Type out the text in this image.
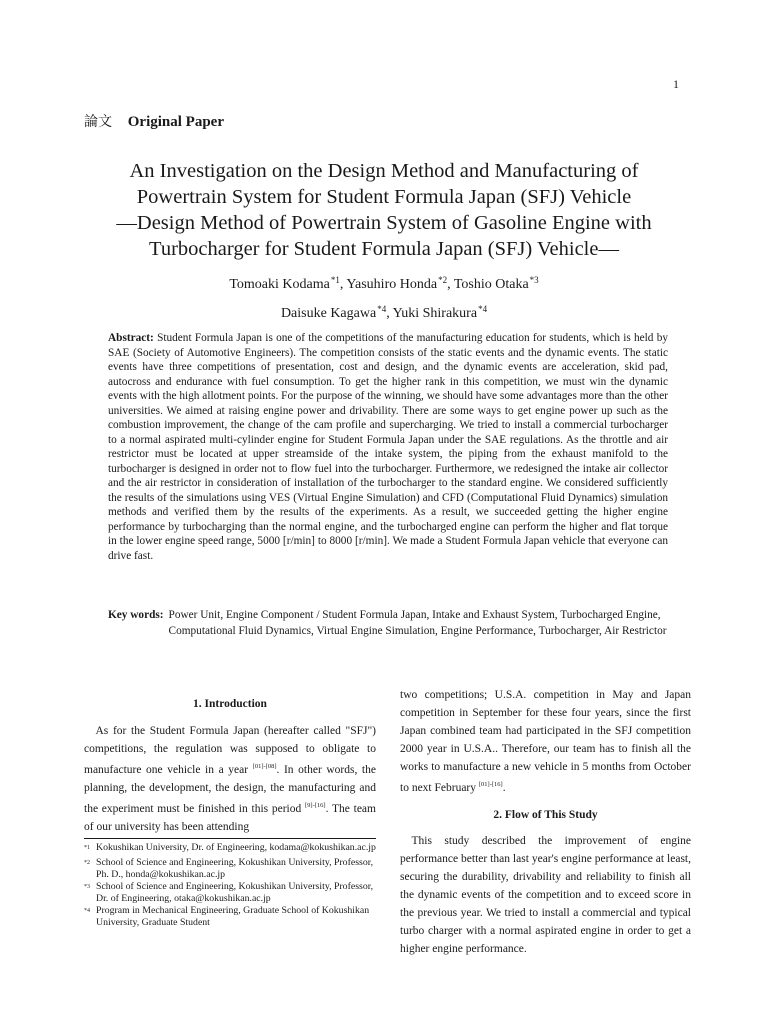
1
論文 Original Paper
An Investigation on the Design Method and Manufacturing of
Powertrain System for Student Formula Japan (SFJ) Vehicle
―Design Method of Powertrain System of Gasoline Engine with
Turbocharger for Student Formula Japan (SFJ) Vehicle―
Tomoaki Kodama$^{*1}$, Yasuhiro Honda$^{*2}$, Toshio Otaka$^{*3}$
Daisuke Kagawa$^{*4}$, Yuki Shirakura$^{*4}$

Abstract: Student Formula Japan is one of the competitions of the manufacturing education for students, which is held by SAE (Society of Automotive Engineers). The competition consists of the static events and the dynamic events. The static events have three competitions of presentation, cost and design, and the dynamic events are acceleration, skid pad, autocross and endurance with fuel consumption. To get the higher rank in this competition, we must win the dynamic events with the high allotment points. For the purpose of the winning, we should have some advantages more than the other universities. We aimed at raising engine power and drivability. There are some ways to get engine power up such as the combustion improvement, the change of the cam profile and supercharging. We tried to install a commercial turbocharger to a normal aspirated multi-cylinder engine for Student Formula Japan under the SAE regulations. As the throttle and air restrictor must be located at upper streamside of the intake system, the piping from the exhaust manifold to the turbocharger is designed in order not to flow fuel into the turbocharger. Furthermore, we redesigned the intake air collector and the air restrictor in consideration of installation of the turbocharger to the standard engine. We considered sufficiently the results of the simulations using VES (Virtual Engine Simulation) and CFD (Computational Fluid Dynamics) simulation methods and verified them by the results of the experiments. As a result, we succeeded getting the higher engine performance by turbocharging than the normal engine, and the turbocharged engine can perform the higher and flat torque in the lower engine speed range, 5000 [r/min] to 8000 [r/min]. We made a Student Formula Japan vehicle that everyone can drive fast.

Key words: Power Unit, Engine Component / Student Formula Japan, Intake and Exhaust System, Turbocharged Engine, Computational Fluid Dynamics, Virtual Engine Simulation, Engine Performance, Turbocharger, Air Restrictor
1. Introduction

As for the Student Formula Japan (hereafter called "SFJ") competitions, the regulation was supposed to obligate to manufacture one vehicle in a year [01]-[08]. In other words, the planning, the development, the design, the manufacturing and the experiment must be finished in this period [9]-[16]. The team of our university has been attending

$^{*1}$ Kokushikan University, Dr. of Engineering, kodama@kokushikan.ac.jp
$^{*2}$ School of Science and Engineering, Kokushikan University, Professor, Ph. D., honda@kokushikan.ac.jp
$^{*3}$ School of Science and Engineering, Kokushikan University, Professor, Dr. of Engineering, otaka@kokushikan.ac.jp
$^{*4}$ Program in Mechanical Engineering, Graduate School of Kokushikan University, Graduate Student

two competitions; U.S.A. competition in May and Japan competition in September for these four years, since the first Japan combined team had participated in the SFJ competition 2000 year in U.S.A.. Therefore, our team has to finish all the works to manufacture a new vehicle in 5 months from October to next February [01]-[16].

2. Flow of This Study

This study described the improvement of engine performance better than last year's engine performance at least, securing the durability, drivability and reliability to finish all the dynamic events of the competition and to exceed score in the previous year. We tried to install a commercial and typical turbo charger with a normal aspirated engine in order to get a higher engine performance.
